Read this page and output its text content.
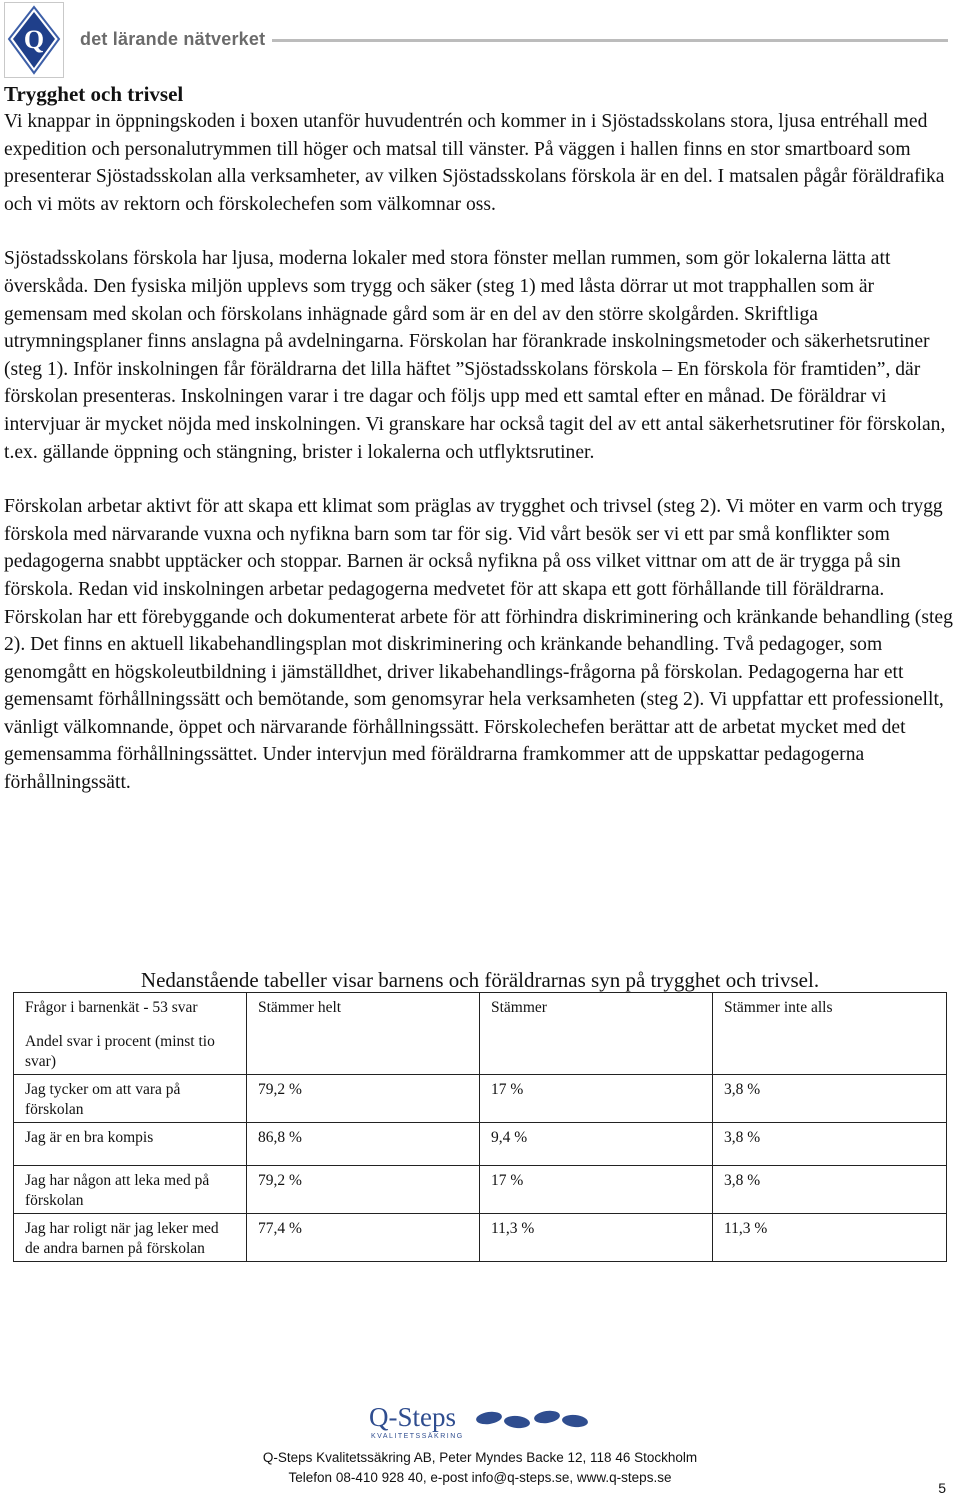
Q det lärande nätverket
Trygghet och trivsel

Vi knappar in öppningskoden i boxen utanför huvudentrén och kommer in i Sjöstadsskolans stora, ljusa entréhall med expedition och personalutrymmen till höger och matsal till vänster. På väggen i hallen finns en stor smartboard som presenterar Sjöstadsskolan alla verksamheter, av vilken Sjöstadsskolans förskola är en del. I matsalen pågår föräldrafika och vi möts av rektorn och förskolechefen som välkomnar oss.

Sjöstadsskolans förskola har ljusa, moderna lokaler med stora fönster mellan rummen, som gör lokalerna lätta att överskåda. Den fysiska miljön upplevs som trygg och säker (steg 1) med låsta dörrar ut mot trapphallen som är gemensam med skolan och förskolans inhägnade gård som är en del av den större skolgården. Skriftliga utrymningsplaner finns anslagna på avdelningarna. Förskolan har förankrade inskolningsmetoder och säkerhetsrutiner (steg 1). Inför inskolningen får föräldrarna det lilla häftet ”Sjöstadsskolans förskola – En förskola för framtiden”, där förskolan presenteras. Inskolningen varar i tre dagar och följs upp med ett samtal efter en månad. De föräldrar vi intervjuar är mycket nöjda med inskolningen. Vi granskare har också tagit del av ett antal säkerhetsrutiner för förskolan, t.ex. gällande öppning och stängning, brister i lokalerna och utflyktsrutiner.

Förskolan arbetar aktivt för att skapa ett klimat som präglas av trygghet och trivsel (steg 2). Vi möter en varm och trygg förskola med närvarande vuxna och nyfikna barn som tar för sig. Vid vårt besök ser vi ett par små konflikter som pedagogerna snabbt upptäcker och stoppar. Barnen är också nyfikna på oss vilket vittnar om att de är trygga på sin förskola. Redan vid inskolningen arbetar pedagogerna medvetet för att skapa ett gott förhållande till föräldrarna. Förskolan har ett förebyggande och dokumenterat arbete för att förhindra diskriminering och kränkande behandling (steg 2). Det finns en aktuell likabehandlingsplan mot diskriminering och kränkande behandling. Två pedagoger, som genomgått en högskoleutbildning i jämställdhet, driver likabehandlings-frågorna på förskolan. Pedagogerna har ett gemensamt förhållningssätt och bemötande, som genomsyrar hela verksamheten (steg 2). Vi uppfattar ett professionellt, vänligt välkomnande, öppet och närvarande förhållningssätt. Förskolechefen berättar att de arbetat mycket med det gemensamma förhållningssättet. Under intervjun med föräldrarna framkommer att de uppskattar pedagogerna förhållningssätt.

Nedanstående tabeller visar barnens och föräldrarnas syn på trygghet och trivsel.
Frågor i barnenkät - 53 svar	Stämmer helt	Stämmer	Stämmer inte alls
Andel svar i procent (minst tio svar)			
Jag tycker om att vara på förskolan	79,2 %	17 %	3,8 %
Jag är en bra kompis	86,8 %	9,4 %	3,8 %
Jag har någon att leka med på förskolan	79,2 %	17 %	3,8 %
Jag har roligt när jag leker med de andra barnen på förskolan	77,4 %	11,3 %	11,3 %
Q-Steps
KVALITETSSÄKRING
Q-Steps Kvalitetssäkring AB, Peter Myndes Backe 12, 118 46 Stockholm
Telefon 08-410 928 40, e-post info@q-steps.se, www.q-steps.se
5
